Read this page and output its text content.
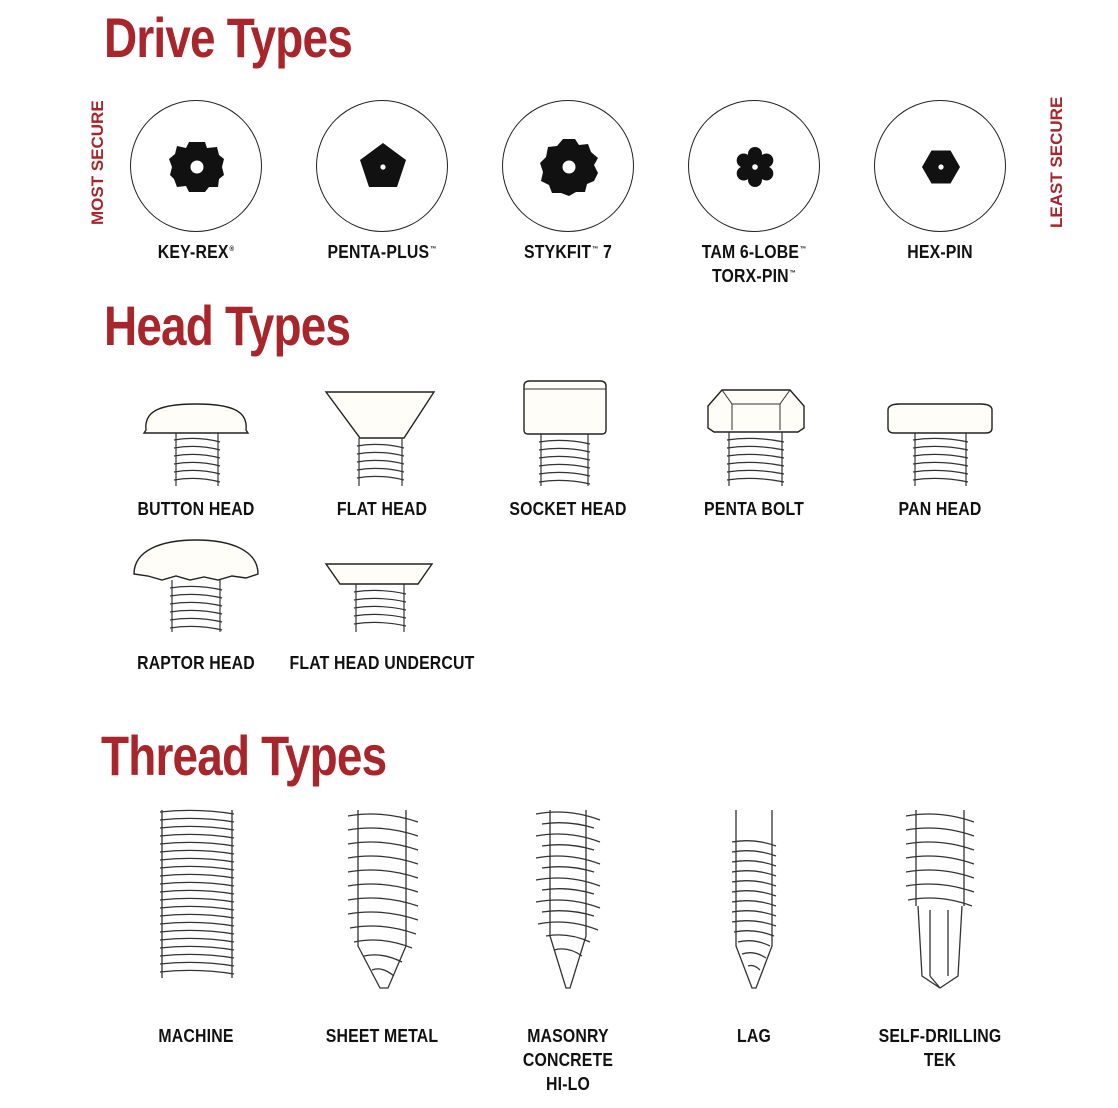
Drive Types
MOST SECURE	LEAST SECURE
KEY-REX®	PENTA-PLUS™	STYKFIT™ 7	TAM 6-LOBE™
TORX-PIN™
HEX-PIN
Head Types
BUTTON HEAD	FLAT HEAD	SOCKET HEAD	PENTA BOLT	PAN HEAD
RAPTOR HEAD	FLAT HEAD UNDERCUT
Thread Types
MACHINE	SHEET METAL	MASONRY
CONCRETE
HI-LO
LAG	SELF-DRILLING
TEK
